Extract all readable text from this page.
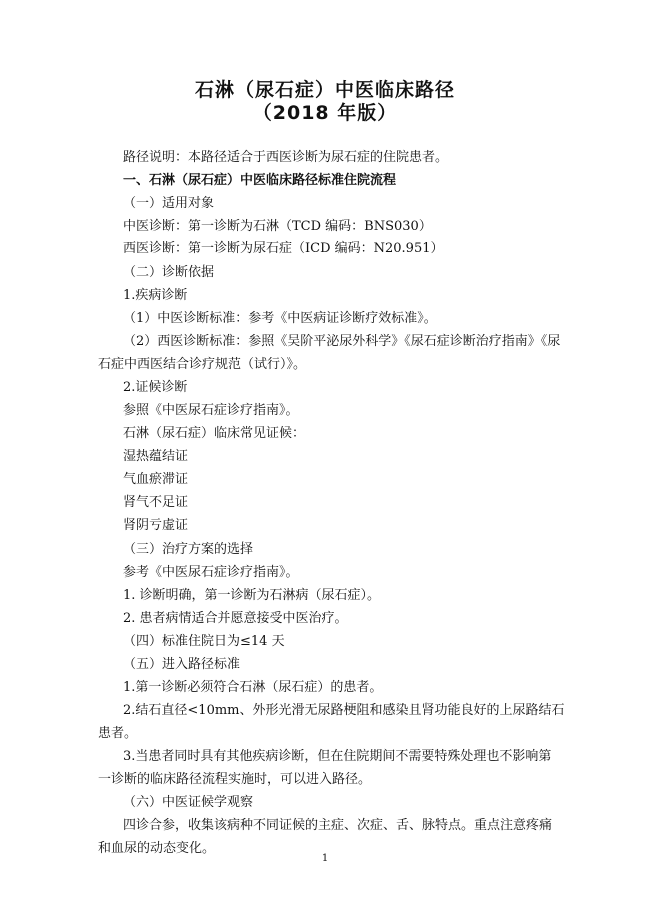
石淋（尿石症）中医临床路径
（2018 年版）
路径说明：本路径适合于西医诊断为尿石症的住院患者。
一、石淋（尿石症）中医临床路径标准住院流程
（一）适用对象
中医诊断：第一诊断为石淋（TCD 编码：BNS030）
西医诊断：第一诊断为尿石症（ICD 编码：N20.951）
（二）诊断依据
1.疾病诊断
（1）中医诊断标准：参考《中医病证诊断疗效标准》。
（2）西医诊断标准：参照《吴阶平泌尿外科学》《尿石症诊断治疗指南》《尿
石症中西医结合诊疗规范（试行）》。
2.证候诊断
参照《中医尿石症诊疗指南》。
石淋（尿石症）临床常见证候：
湿热蕴结证
气血瘀滞证
肾气不足证
肾阴亏虚证
（三）治疗方案的选择
参考《中医尿石症诊疗指南》。
1. 诊断明确，第一诊断为石淋病（尿石症）。
2. 患者病情适合并愿意接受中医治疗。
（四）标准住院日为≤14 天
（五）进入路径标准
1.第一诊断必须符合石淋（尿石症）的患者。
2.结石直径<10mm、外形光滑无尿路梗阻和感染且肾功能良好的上尿路结石
患者。
3.当患者同时具有其他疾病诊断，但在住院期间不需要特殊处理也不影响第
一诊断的临床路径流程实施时，可以进入路径。
（六）中医证候学观察
四诊合参，收集该病种不同证候的主症、次症、舌、脉特点。重点注意疼痛
和血尿的动态变化。
1
